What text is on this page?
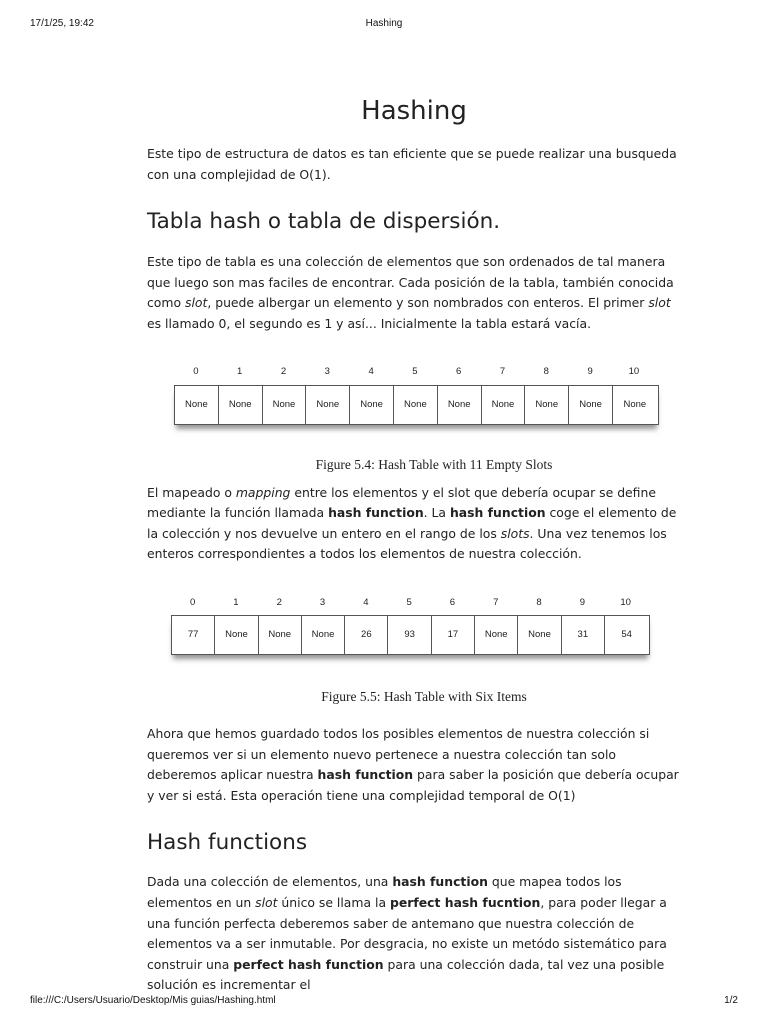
17/1/25, 19:42	Hashing
Hashing

Este tipo de estructura de datos es tan eficiente que se puede realizar una busqueda con una complejidad de O(1).

Tabla hash o tabla de dispersión.

Este tipo de tabla es una colección de elementos que son ordenados de tal manera que luego son mas faciles de encontrar. Cada posición de la tabla, también conocida como slot, puede albergar un elemento y son nombrados con enteros. El primer slot es llamado 0, el segundo es 1 y así... Inicialmente la tabla estará vacía.

0	1	2	3	4	5	6	7	8	9	10
None	None	None	None	None	None	None	None	None	None	None
Figure 5.4: Hash Table with 11 Empty Slots

El mapeado o mapping entre los elementos y el slot que debería ocupar se define mediante la función llamada hash function. La hash function coge el elemento de la colección y nos devuelve un entero en el rango de los slots. Una vez tenemos los enteros correspondientes a todos los elementos de nuestra colección.

0	1	2	3	4	5	6	7	8	9	10
77	None	None	None	26	93	17	None	None	31	54
Figure 5.5: Hash Table with Six Items

Ahora que hemos guardado todos los posibles elementos de nuestra colección si queremos ver si un elemento nuevo pertenece a nuestra colección tan solo deberemos aplicar nuestra hash function para saber la posición que debería ocupar y ver si está. Esta operación tiene una complejidad temporal de O(1)

Hash functions

Dada una colección de elementos, una hash function que mapea todos los elementos en un slot único se llama la perfect hash fucntion, para poder llegar a una función perfecta deberemos saber de antemano que nuestra colección de elementos va a ser inmutable. Por desgracia, no existe un metódo sistemático para construir una perfect hash function para una colección dada, tal vez una posible solución es incrementar el

file:///C:/Users/Usuario/Desktop/Mis guias/Hashing.html	1/2
